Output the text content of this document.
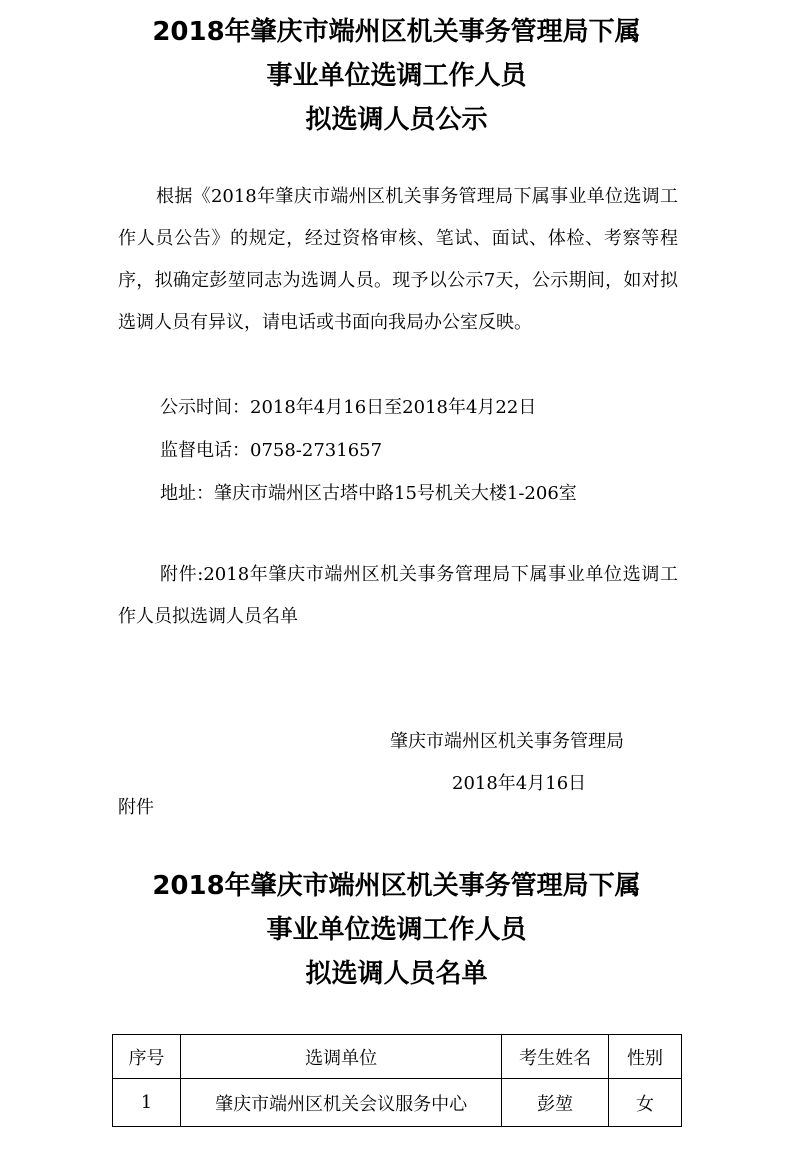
2018年肇庆市端州区机关事务管理局下属
事业单位选调工作人员
拟选调人员公示

根据《2018年肇庆市端州区机关事务管理局下属事业单位选调工作人员公告》的规定，经过资格审核、笔试、面试、体检、考察等程序，拟确定彭堃同志为选调人员。现予以公示7天，公示期间，如对拟选调人员有异议，请电话或书面向我局办公室反映。

公示时间：2018年4月16日至2018年4月22日
监督电话：0758-2731657
地址：肇庆市端州区古塔中路15号机关大楼1-206室

附件:2018年肇庆市端州区机关事务管理局下属事业单位选调工作人员拟选调人员名单

肇庆市端州区机关事务管理局
2018年4月16日
附件
2018年肇庆市端州区机关事务管理局下属
事业单位选调工作人员
拟选调人员名单
序号	选调单位	考生姓名	性别
1	肇庆市端州区机关会议服务中心	彭堃	女
